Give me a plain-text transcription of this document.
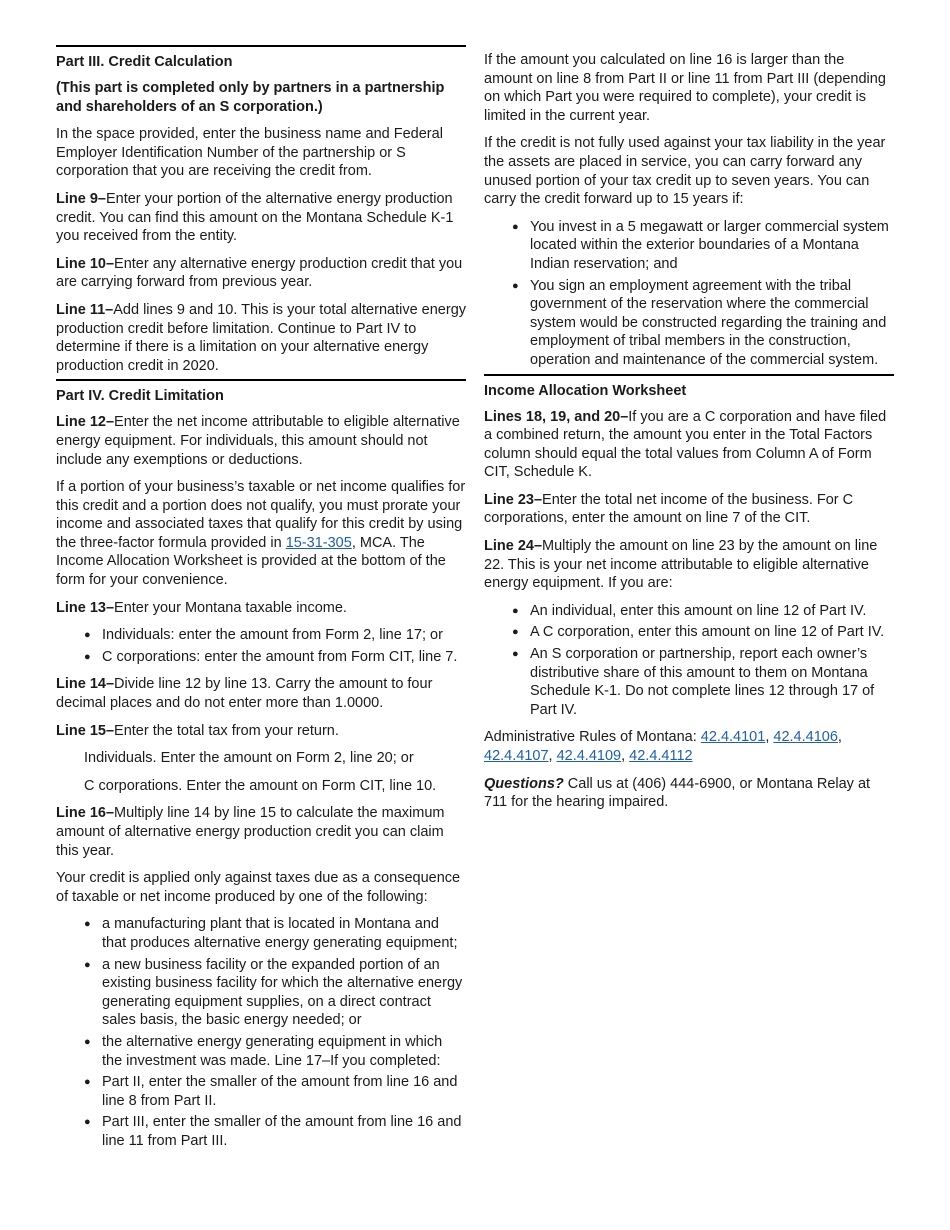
Part III. Credit Calculation

(This part is completed only by partners in a partnership and shareholders of an S corporation.)

In the space provided, enter the business name and Federal Employer Identification Number of the partnership or S corporation that you are receiving the credit from.

Line 9–Enter your portion of the alternative energy production credit. You can find this amount on the Montana Schedule K-1 you received from the entity.

Line 10–Enter any alternative energy production credit that you are carrying forward from previous year.

Line 11–Add lines 9 and 10. This is your total alternative energy production credit before limitation. Continue to Part IV to determine if there is a limitation on your alternative energy production credit in 2020.

Part IV. Credit Limitation

Line 12–Enter the net income attributable to eligible alternative energy equipment. For individuals, this amount should not include any exemptions or deductions.

If a portion of your business’s taxable or net income qualifies for this credit and a portion does not qualify, you must prorate your income and associated taxes that qualify for this credit by using the three-factor formula provided in 15-31-305, MCA. The Income Allocation Worksheet is provided at the bottom of the form for your convenience.

Line 13–Enter your Montana taxable income.

● Individuals: enter the amount from Form 2, line 17; or
● C corporations: enter the amount from Form CIT, line 7.

Line 14–Divide line 12 by line 13. Carry the amount to four decimal places and do not enter more than 1.0000.

Line 15–Enter the total tax from your return.

Individuals. Enter the amount on Form 2, line 20; or

C corporations. Enter the amount on Form CIT, line 10.

Line 16–Multiply line 14 by line 15 to calculate the maximum amount of alternative energy production credit you can claim this year.

Your credit is applied only against taxes due as a consequence of taxable or net income produced by one of the following:

● a manufacturing plant that is located in Montana and that produces alternative energy generating equipment;
● a new business facility or the expanded portion of an existing business facility for which the alternative energy generating equipment supplies, on a direct contract sales basis, the basic energy needed; or
● the alternative energy generating equipment in which the investment was made. Line 17–If you completed:
● Part II, enter the smaller of the amount from line 16 and line 8 from Part II.
● Part III, enter the smaller of the amount from line 16 and line 11 from Part III.

If the amount you calculated on line 16 is larger than the amount on line 8 from Part II or line 11 from Part III (depending on which Part you were required to complete), your credit is limited in the current year.

If the credit is not fully used against your tax liability in the year the assets are placed in service, you can carry forward any unused portion of your tax credit up to seven years. You can carry the credit forward up to 15 years if:

● You invest in a 5 megawatt or larger commercial system located within the exterior boundaries of a Montana Indian reservation; and
● You sign an employment agreement with the tribal government of the reservation where the commercial system would be constructed regarding the training and employment of tribal members in the construction, operation and maintenance of the commercial system.
Income Allocation Worksheet

Lines 18, 19, and 20–If you are a C corporation and have filed a combined return, the amount you enter in the Total Factors column should equal the total values from Column A of Form CIT, Schedule K.

Line 23–Enter the total net income of the business. For C corporations, enter the amount on line 7 of the CIT.

Line 24–Multiply the amount on line 23 by the amount on line 22. This is your net income attributable to eligible alternative energy equipment. If you are:

● An individual, enter this amount on line 12 of Part IV.
● A C corporation, enter this amount on line 12 of Part IV.
● An S corporation or partnership, report each owner’s distributive share of this amount to them on Montana Schedule K-1. Do not complete lines 12 through 17 of Part IV.

Administrative Rules of Montana: 42.4.4101, 42.4.4106, 42.4.4107, 42.4.4109, 42.4.4112

Questions? Call us at (406) 444-6900, or Montana Relay at 711 for the hearing impaired.
